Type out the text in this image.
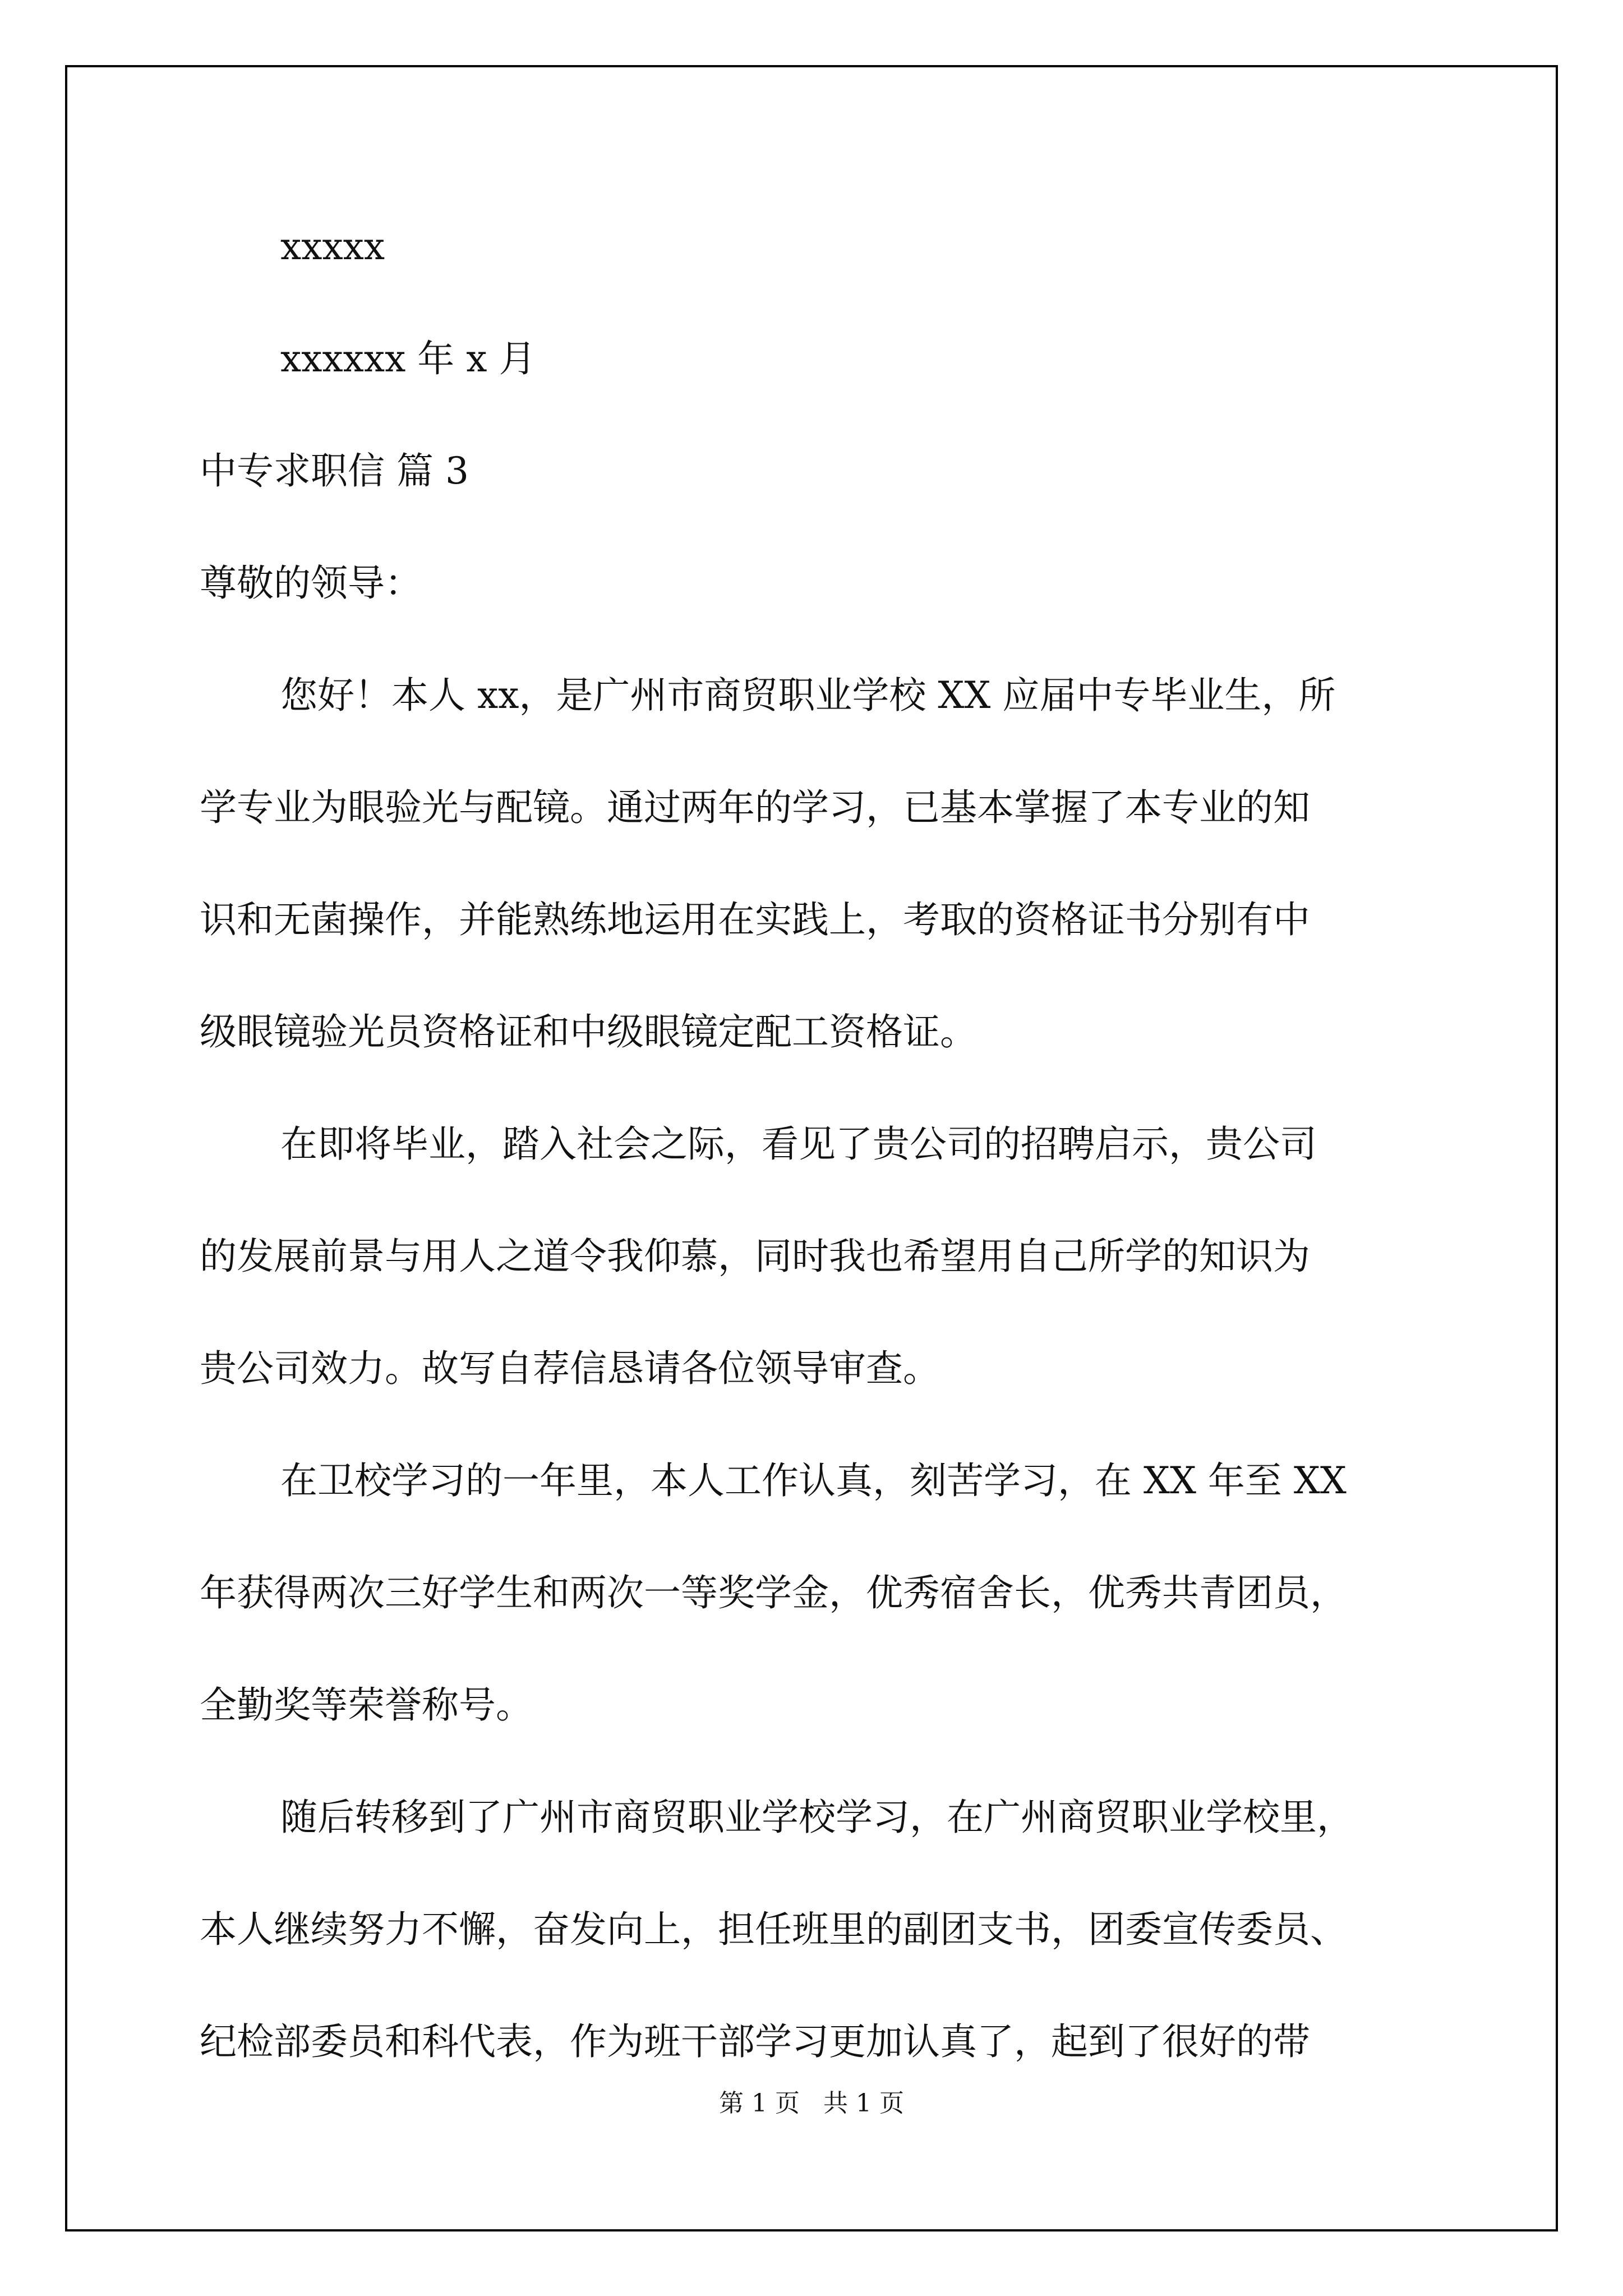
xxxxx
xxxxxx 年 x 月
中专求职信 篇 3
尊敬的领导：
您好！本人 xx，是广州市商贸职业学校 XX 应届中专毕业生，所
学专业为眼验光与配镜。通过两年的学习，已基本掌握了本专业的知
识和无菌操作，并能熟练地运用在实践上，考取的资格证书分别有中
级眼镜验光员资格证和中级眼镜定配工资格证。
在即将毕业，踏入社会之际，看见了贵公司的招聘启示，贵公司
的发展前景与用人之道令我仰慕，同时我也希望用自己所学的知识为
贵公司效力。故写自荐信恳请各位领导审查。
在卫校学习的一年里，本人工作认真，刻苦学习，在 XX 年至 XX
年获得两次三好学生和两次一等奖学金，优秀宿舍长，优秀共青团员，
全勤奖等荣誉称号。
随后转移到了广州市商贸职业学校学习，在广州商贸职业学校里，
本人继续努力不懈，奋发向上，担任班里的副团支书，团委宣传委员、
纪检部委员和科代表，作为班干部学习更加认真了，起到了很好的带
第 1 页   共 1 页
